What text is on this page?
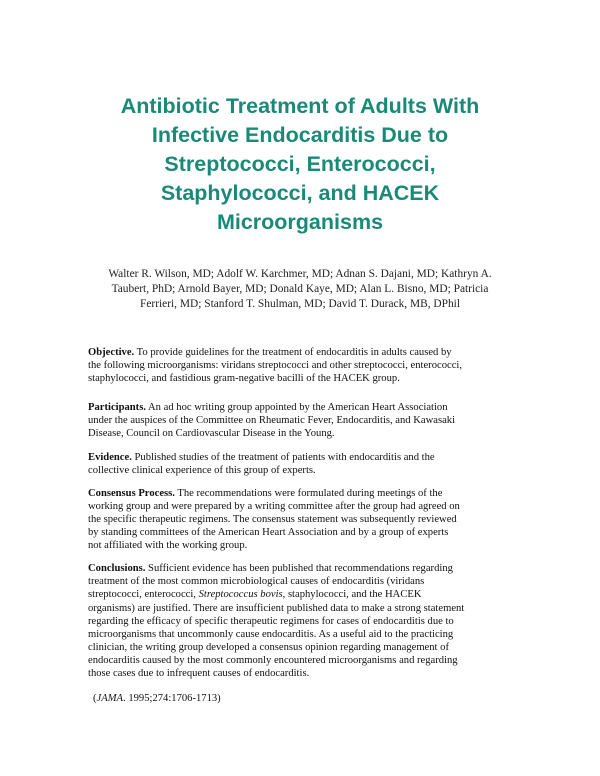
Antibiotic Treatment of Adults With
Infective Endocarditis Due to
Streptococci, Enterococci,
Staphylococci, and HACEK
Microorganisms

Walter R. Wilson, MD; Adolf W. Karchmer, MD; Adnan S. Dajani, MD; Kathryn A.
Taubert, PhD; Arnold Bayer, MD; Donald Kaye, MD; Alan L. Bisno, MD; Patricia
Ferrieri, MD; Stanford T. Shulman, MD; David T. Durack, MB, DPhil

Objective. To provide guidelines for the treatment of endocarditis in adults caused by
the following microorganisms: viridans streptococci and other streptococci, enterococci,
staphylococci, and fastidious gram-negative bacilli of the HACEK group.

Participants. An ad hoc writing group appointed by the American Heart Association
under the auspices of the Committee on Rheumatic Fever, Endocarditis, and Kawasaki
Disease, Council on Cardiovascular Disease in the Young.

Evidence. Published studies of the treatment of patients with endocarditis and the
collective clinical experience of this group of experts.

Consensus Process. The recommendations were formulated during meetings of the
working group and were prepared by a writing committee after the group had agreed on
the specific therapeutic regimens. The consensus statement was subsequently reviewed
by standing committees of the American Heart Association and by a group of experts
not affiliated with the working group.

Conclusions. Sufficient evidence has been published that recommendations regarding
treatment of the most common microbiological causes of endocarditis (viridans
streptococci, enterococci, Streptococcus bovis, staphylococci, and the HACEK
organisms) are justified. There are insufficient published data to make a strong statement
regarding the efficacy of specific therapeutic regimens for cases of endocarditis due to
microorganisms that uncommonly cause endocarditis. As a useful aid to the practicing
clinician, the writing group developed a consensus opinion regarding management of
endocarditis caused by the most commonly encountered microorganisms and regarding
those cases due to infrequent causes of endocarditis.

(JAMA. 1995;274:1706-1713)
